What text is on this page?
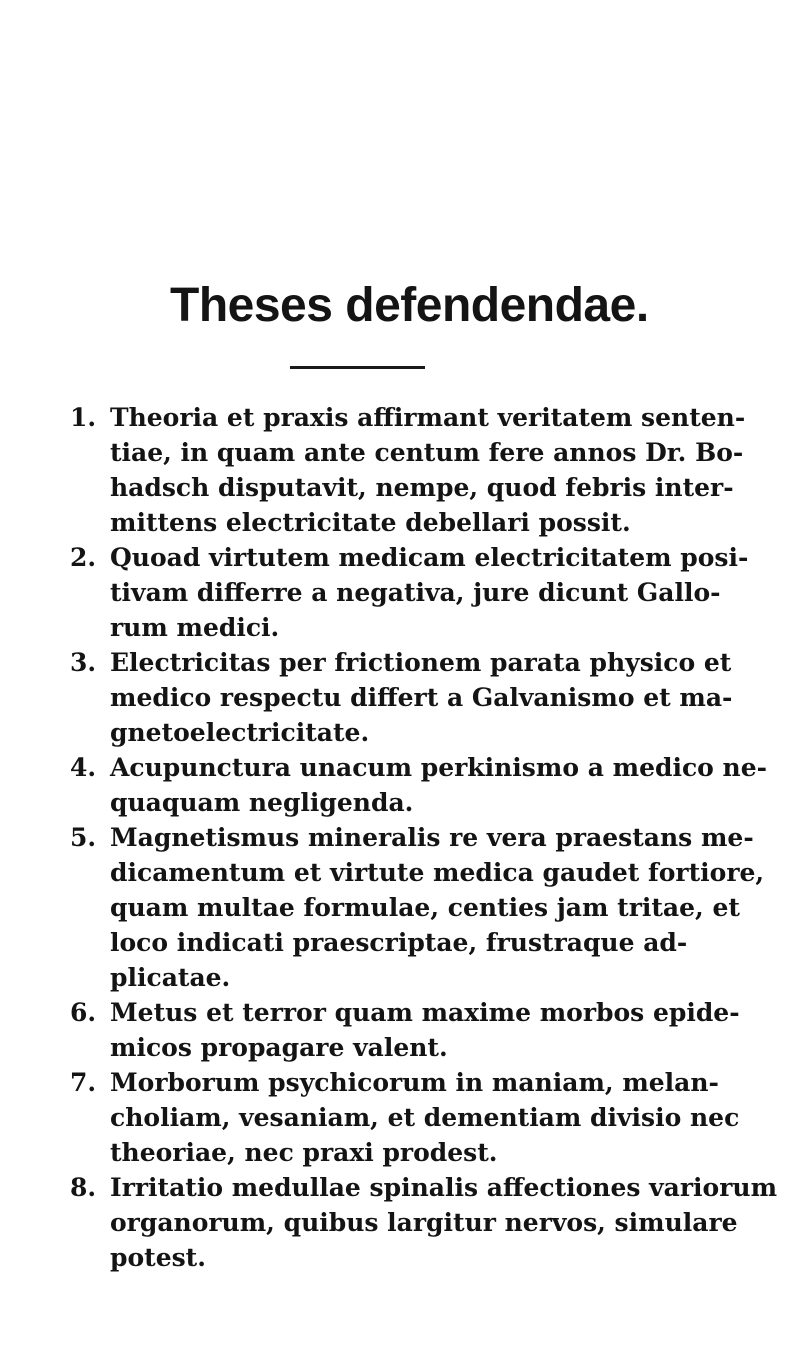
Theses defendendae.
1. Theoria et praxis affirmant veritatem senten-
tiae, in quam ante centum fere annos Dr. Bo-
hadsch disputavit, nempe, quod febris inter-
mittens electricitate debellari possit.
2. Quoad virtutem medicam electricitatem posi-
tivam differre a negativa, jure dicunt Gallo-
rum medici.
3. Electricitas per frictionem parata physico et
medico respectu differt a Galvanismo et ma-
gnetoelectricitate.
4. Acupunctura unacum perkinismo a medico ne-
quaquam negligenda.
5. Magnetismus mineralis re vera praestans me-
dicamentum et virtute medica gaudet fortiore,
quam multae formulae, centies jam tritae, et
loco indicati praescriptae, frustraque ad-
plicatae.
6. Metus et terror quam maxime morbos epide-
micos propagare valent.
7. Morborum psychicorum in maniam, melan-
choliam, vesaniam, et dementiam divisio nec
theoriae, nec praxi prodest.
8. Irritatio medullae spinalis affectiones variorum
organorum, quibus largitur nervos, simulare
potest.
